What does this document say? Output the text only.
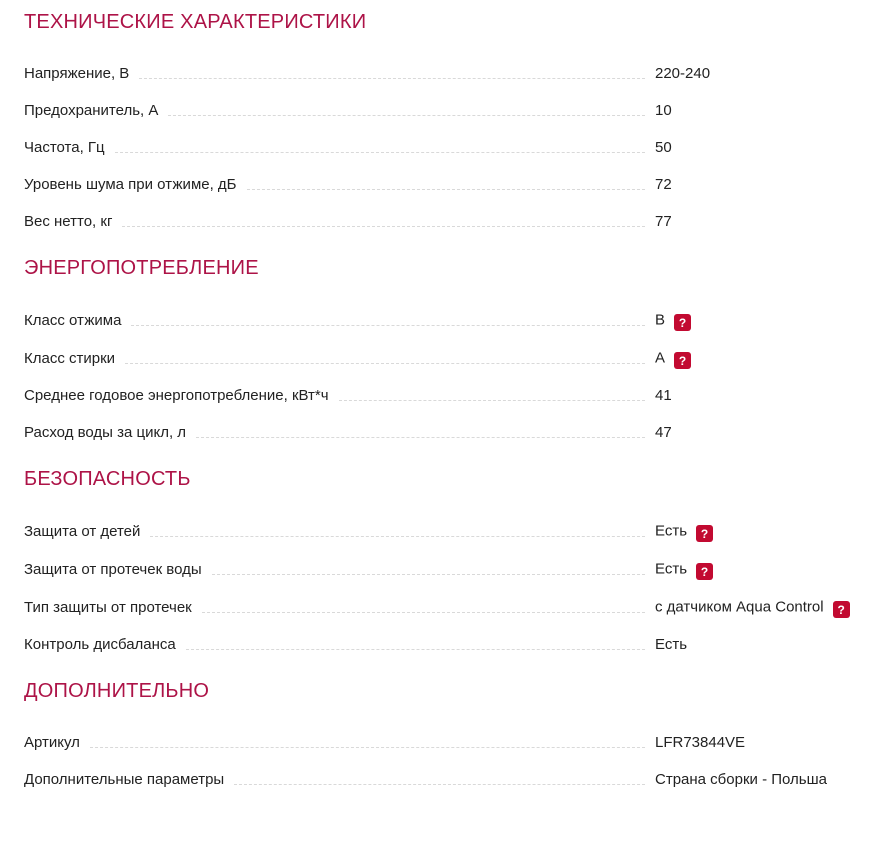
ТЕХНИЧЕСКИЕ ХАРАКТЕРИСТИКИ
Напряжение, В	220-240
Предохранитель, А	10
Частота, Гц	50
Уровень шума при отжиме, дБ	72
Вес нетто, кг	77
ЭНЕРГОПОТРЕБЛЕНИЕ
Класс отжима	B ?
Класс стирки	A ?
Среднее годовое энергопотребление, кВт*ч	41
Расход воды за цикл, л	47
БЕЗОПАСНОСТЬ
Защита от детей	Есть ?
Защита от протечек воды	Есть ?
Тип защиты от протечек	с датчиком Aqua Control ?
Контроль дисбаланса	Есть
ДОПОЛНИТЕЛЬНО
Артикул	LFR73844VE
Дополнительные параметры	Страна сборки - Польша
